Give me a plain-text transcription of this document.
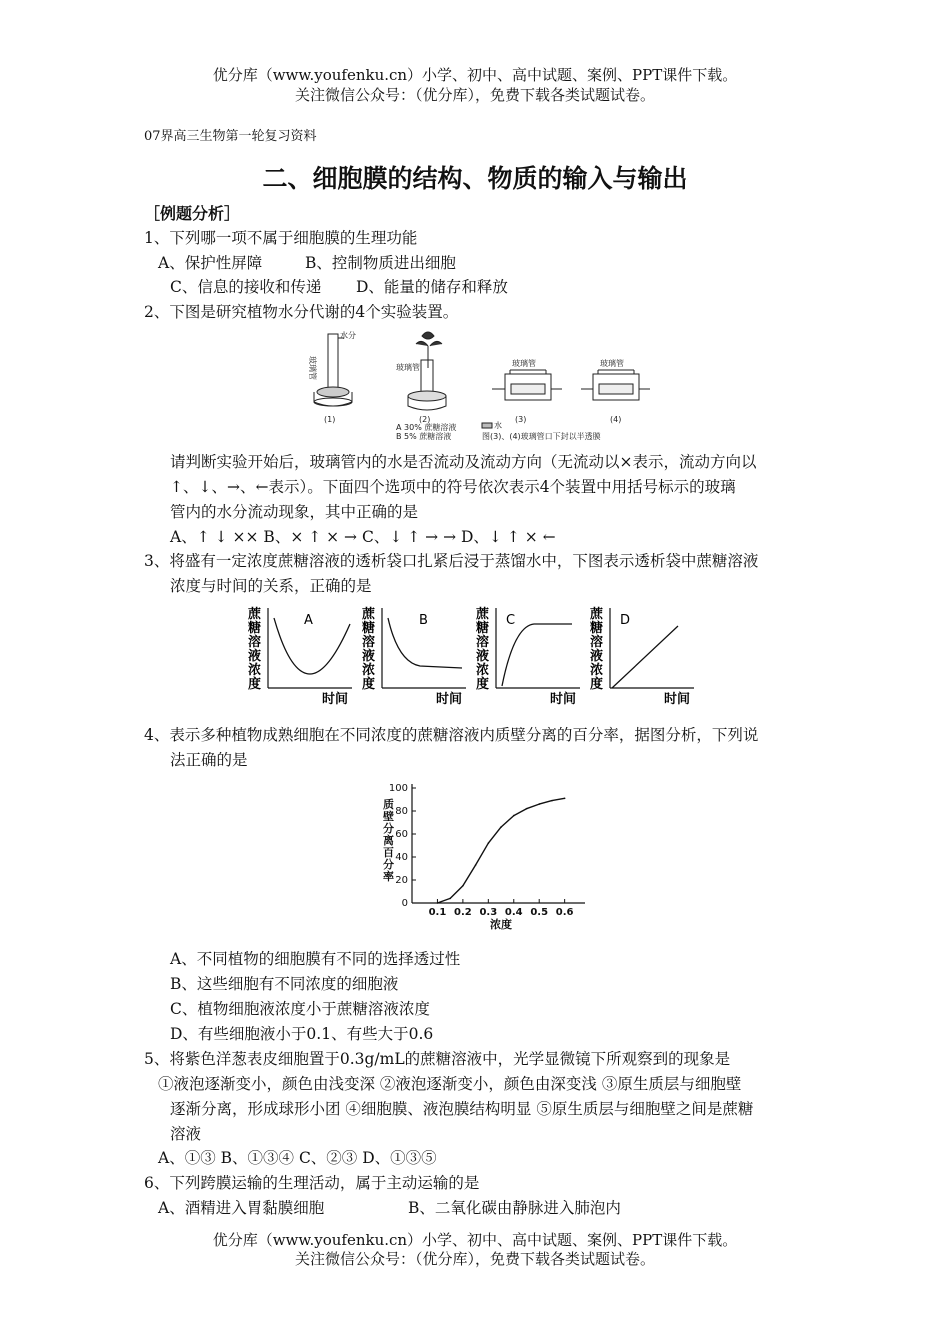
优分库（www.youfenku.cn）小学、初中、高中试题、案例、PPT课件下载。
关注微信公众号：（优分库），免费下载各类试题试卷。
07界高三生物第一轮复习资料
二、细胞膜的结构、物质的输入与输出
［例题分析］
1、下列哪一项不属于细胞膜的生理功能
A、保护性屏障	B、控制物质进出细胞
C、信息的接收和传递 D、能量的储存和释放
2、下图是研究植物水分代谢的4个实验装置。
水分
玻璃管	玻璃管	玻璃管	玻璃管
(1)	(2)	(3)	(4)
A 30% 蔗糖溶液
B 5% 蔗糖溶液
水
图(3)、(4)玻璃管口下封以半透膜
请判断实验开始后，玻璃管内的水是否流动及流动方向（无流动以×表示，流动方向以
↑、↓、→、←表示）。下面四个选项中的符号依次表示4个装置中用括号标示的玻璃
管内的水分流动现象，其中正确的是
A、↑ ↓ ×× B、× ↑ × → C、↓ ↑ → → D、↓ ↑ × ←
3、将盛有一定浓度蔗糖溶液的透析袋口扎紧后浸于蒸馏水中，下图表示透析袋中蔗糖溶液
浓度与时间的关系，正确的是
蔗
糖
溶
液
浓
度
时间
A	蔗
糖
溶
液
浓
度
时间
B	蔗
糖
溶
液
浓
度
时间
C	蔗
糖
溶
液
浓
度
时间
D
4、表示多种植物成熟细胞在不同浓度的蔗糖溶液内质壁分离的百分率，据图分析，下列说
法正确的是
0
20
40
60
80
100
0.1 0.2 0.3 0.4 0.5 0.6
质
壁
分
离
百
分
率
浓度
A、不同植物的细胞膜有不同的选择透过性
B、这些细胞有不同浓度的细胞液
C、植物细胞液浓度小于蔗糖溶液浓度
D、有些细胞液小于0.1、有些大于0.6
5、将紫色洋葱表皮细胞置于0.3g/mL的蔗糖溶液中，光学显微镜下所观察到的现象是
①液泡逐渐变小，颜色由浅变深 ②液泡逐渐变小，颜色由深变浅 ③原生质层与细胞壁
逐渐分离，形成球形小团 ④细胞膜、液泡膜结构明显 ⑤原生质层与细胞壁之间是蔗糖
溶液
A、①③ B、①③④ C、②③ D、①③⑤
6、下列跨膜运输的生理活动，属于主动运输的是
A、酒精进入胃黏膜细胞	B、二氧化碳由静脉进入肺泡内
优分库（www.youfenku.cn）小学、初中、高中试题、案例、PPT课件下载。
关注微信公众号：（优分库），免费下载各类试题试卷。
